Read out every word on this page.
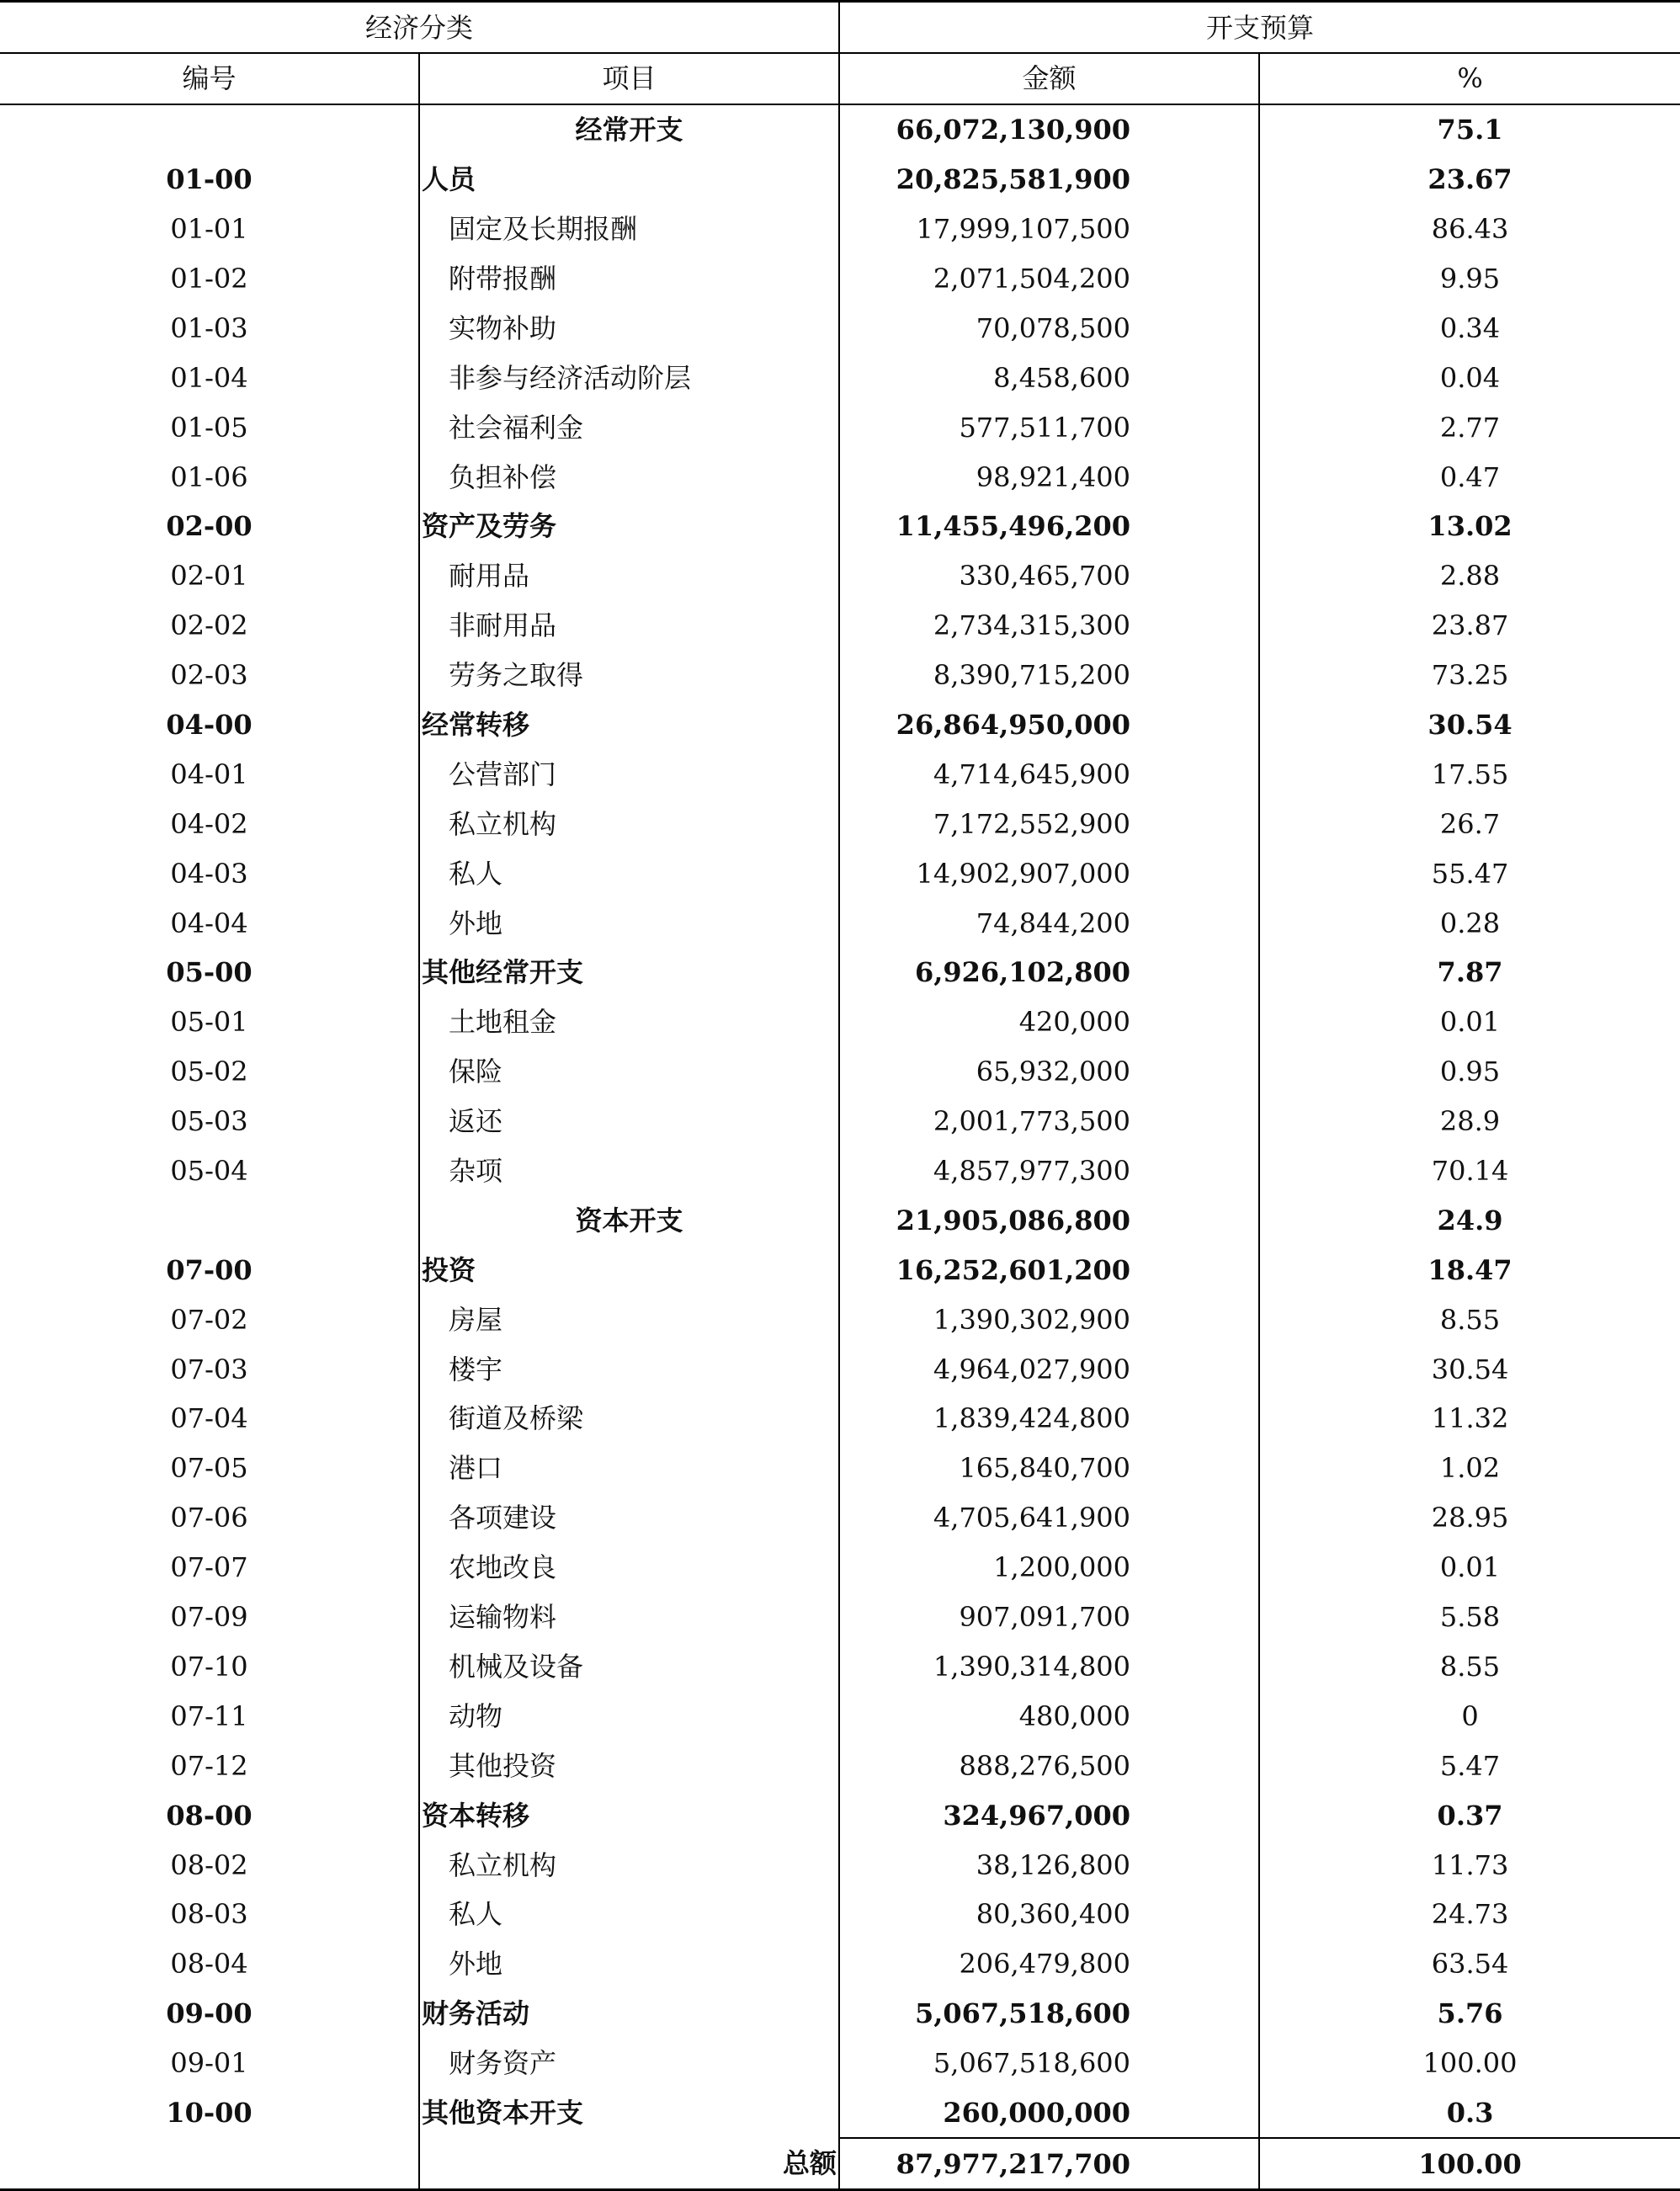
经济分类		开支预算	
编号	项目	金额	%
	经常开支	66,072,130,900	75.1
01-00	人员	20,825,581,900	23.67
01-01	固定及长期报酬	17,999,107,500	86.43
01-02	附带报酬	2,071,504,200	9.95
01-03	实物补助	70,078,500	0.34
01-04	非参与经济活动阶层	8,458,600	0.04
01-05	社会福利金	577,511,700	2.77
01-06	负担补偿	98,921,400	0.47
02-00	资产及劳务	11,455,496,200	13.02
02-01	耐用品	330,465,700	2.88
02-02	非耐用品	2,734,315,300	23.87
02-03	劳务之取得	8,390,715,200	73.25
04-00	经常转移	26,864,950,000	30.54
04-01	公营部门	4,714,645,900	17.55
04-02	私立机构	7,172,552,900	26.7
04-03	私人	14,902,907,000	55.47
04-04	外地	74,844,200	0.28
05-00	其他经常开支	6,926,102,800	7.87
05-01	土地租金	420,000	0.01
05-02	保险	65,932,000	0.95
05-03	返还	2,001,773,500	28.9
05-04	杂项	4,857,977,300	70.14
	资本开支	21,905,086,800	24.9
07-00	投资	16,252,601,200	18.47
07-02	房屋	1,390,302,900	8.55
07-03	楼宇	4,964,027,900	30.54
07-04	街道及桥梁	1,839,424,800	11.32
07-05	港口	165,840,700	1.02
07-06	各项建设	4,705,641,900	28.95
07-07	农地改良	1,200,000	0.01
07-09	运输物料	907,091,700	5.58
07-10	机械及设备	1,390,314,800	8.55
07-11	动物	480,000	0
07-12	其他投资	888,276,500	5.47
08-00	资本转移	324,967,000	0.37
08-02	私立机构	38,126,800	11.73
08-03	私人	80,360,400	24.73
08-04	外地	206,479,800	63.54
09-00	财务活动	5,067,518,600	5.76
09-01	财务资产	5,067,518,600	100.00
10-00	其他资本开支	260,000,000	0.3
	总额	87,977,217,700	100.00
